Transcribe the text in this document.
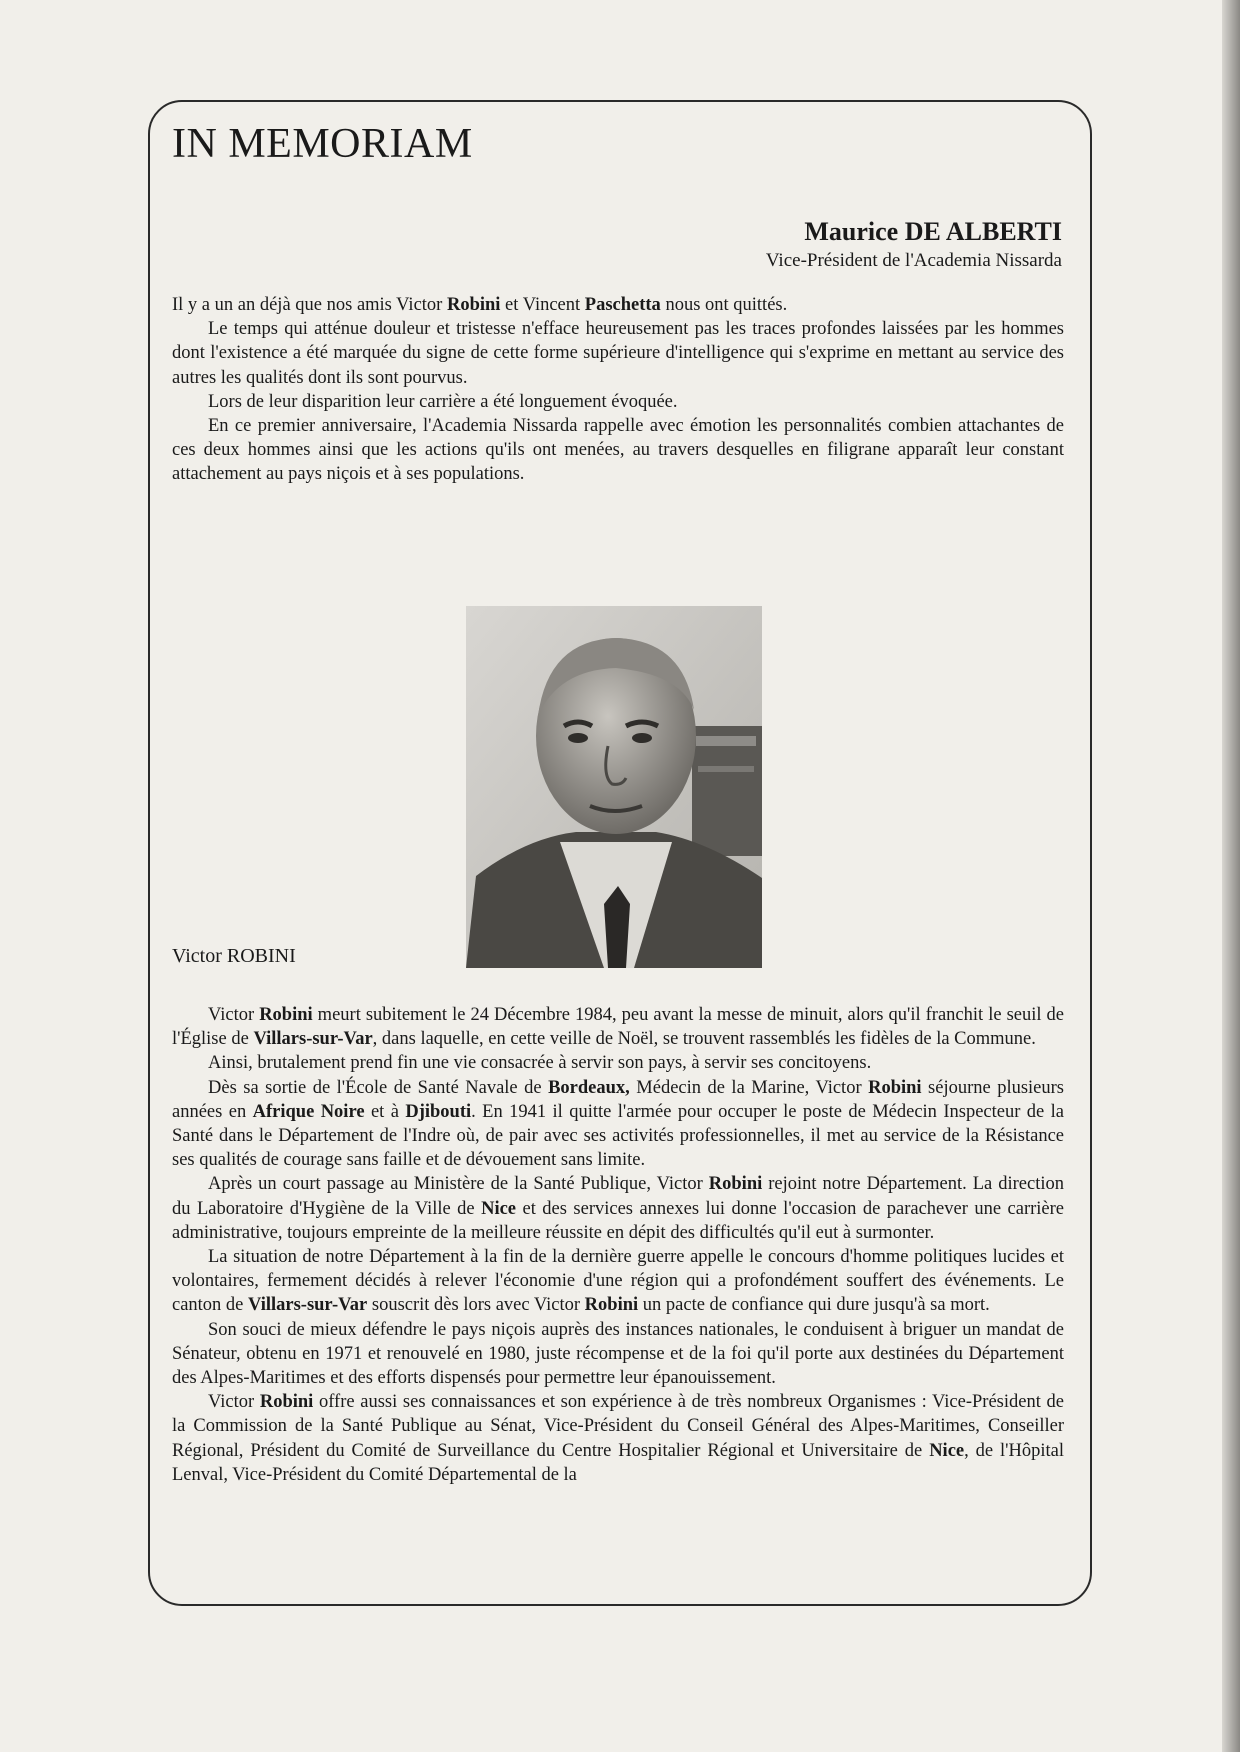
IN MEMORIAM
Maurice DE ALBERTI
Vice-Président de l'Academia Nissarda

Il y a un an déjà que nos amis Victor Robini et Vincent Paschetta nous ont quittés.

Le temps qui atténue douleur et tristesse n'efface heureusement pas les traces profondes laissées par les hommes dont l'existence a été marquée du signe de cette forme supérieure d'intelligence qui s'exprime en mettant au service des autres les qualités dont ils sont pourvus.

Lors de leur disparition leur carrière a été longuement évoquée.

En ce premier anniversaire, l'Academia Nissarda rappelle avec émotion les personnalités combien attachantes de ces deux hommes ainsi que les actions qu'ils ont menées, au travers desquelles en filigrane apparaît leur constant attachement au pays niçois et à ses populations.

Victor ROBINI

Victor Robini meurt subitement le 24 Décembre 1984, peu avant la messe de minuit, alors qu'il franchit le seuil de l'Église de Villars-sur-Var, dans laquelle, en cette veille de Noël, se trouvent rassemblés les fidèles de la Commune.

Ainsi, brutalement prend fin une vie consacrée à servir son pays, à servir ses concitoyens.

Dès sa sortie de l'École de Santé Navale de Bordeaux, Médecin de la Marine, Victor Robini séjourne plusieurs années en Afrique Noire et à Djibouti. En 1941 il quitte l'armée pour occuper le poste de Médecin Inspecteur de la Santé dans le Département de l'Indre où, de pair avec ses activités professionnelles, il met au service de la Résistance ses qualités de courage sans faille et de dévouement sans limite.

Après un court passage au Ministère de la Santé Publique, Victor Robini rejoint notre Département. La direction du Laboratoire d'Hygiène de la Ville de Nice et des services annexes lui donne l'occasion de parachever une carrière administrative, toujours empreinte de la meilleure réussite en dépit des difficultés qu'il eut à surmonter.

La situation de notre Département à la fin de la dernière guerre appelle le concours d'homme politiques lucides et volontaires, fermement décidés à relever l'économie d'une région qui a profondément souffert des événements. Le canton de Villars-sur-Var souscrit dès lors avec Victor Robini un pacte de confiance qui dure jusqu'à sa mort.

Son souci de mieux défendre le pays niçois auprès des instances nationales, le conduisent à briguer un mandat de Sénateur, obtenu en 1971 et renouvelé en 1980, juste récompense et de la foi qu'il porte aux destinées du Département des Alpes-Maritimes et des efforts dispensés pour permettre leur épanouissement.

Victor Robini offre aussi ses connaissances et son expérience à de très nombreux Organismes : Vice-Président de la Commission de la Santé Publique au Sénat, Vice-Président du Conseil Général des Alpes-Maritimes, Conseiller Régional, Président du Comité de Surveillance du Centre Hospitalier Régional et Universitaire de Nice, de l'Hôpital Lenval, Vice-Président du Comité Départemental de la
